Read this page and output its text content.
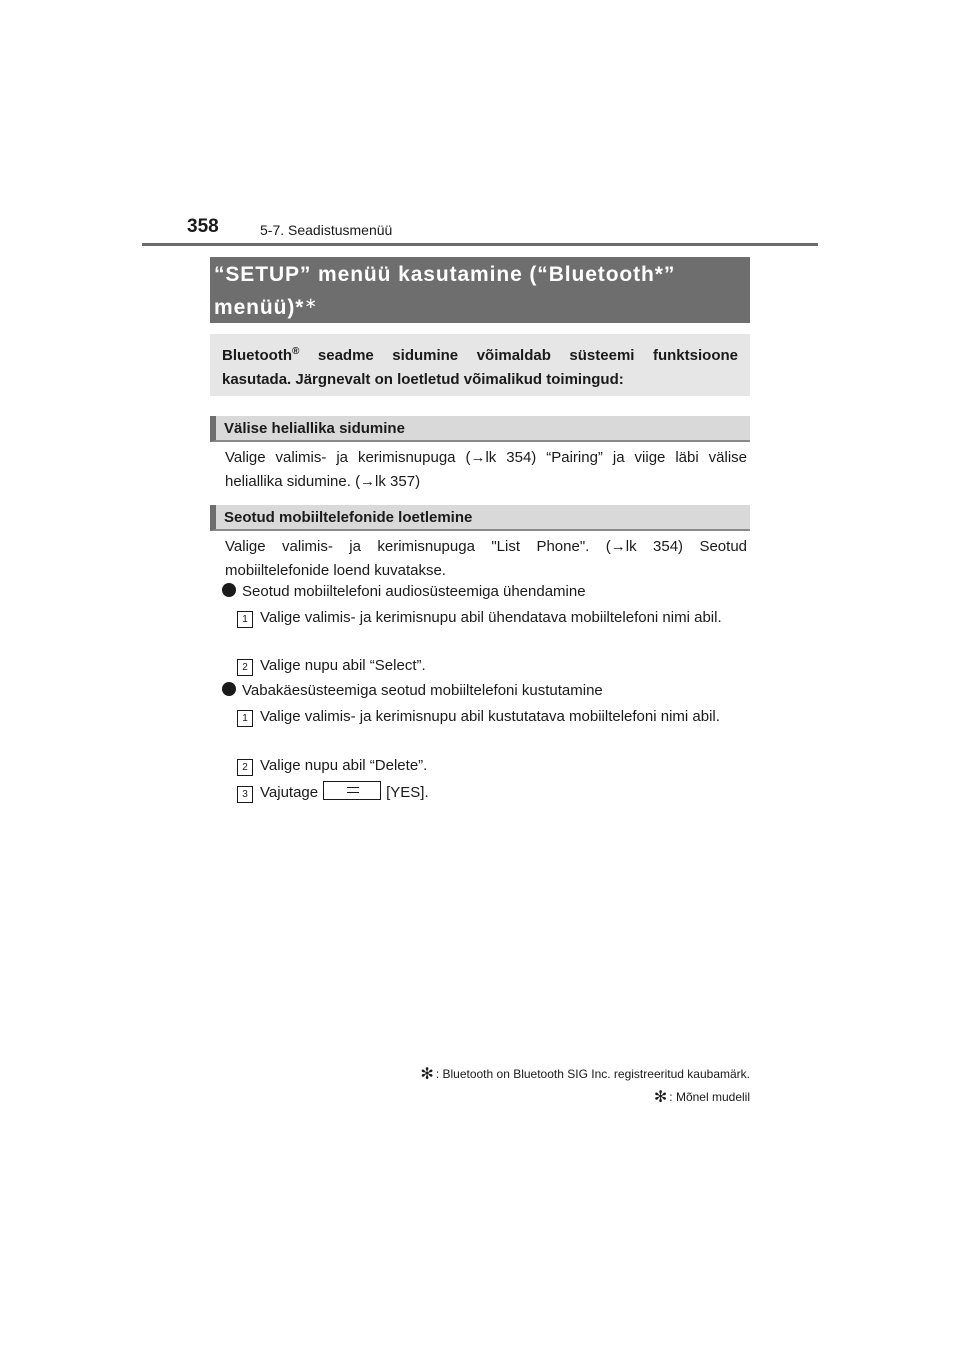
358	5-7. Seadistusmenüü
“SETUP” menüü kasutamine (“Bluetooth*”
menüü)*∗
Bluetooth® seadme sidumine võimaldab süsteemi funktsioone kasutada. Järgnevalt on loetletud võimalikud toimingud:
Välise heliallika sidumine
Valige valimis- ja kerimisnupuga (→lk 354) “Pairing” ja viige läbi välise heliallika sidumine. (→lk 357)
Seotud mobiiltelefonide loetlemine
Valige valimis- ja kerimisnupuga "List Phone". (→lk 354) Seotud mobiiltelefonide loend kuvatakse.
Seotud mobiiltelefoni audiosüsteemiga ühendamine
1 Valige valimis- ja kerimisnupu abil ühendatava mobiiltelefoni nimi abil.
2 Valige nupu abil “Select”.
Vabakäesüsteemiga seotud mobiiltelefoni kustutamine
1 Valige valimis- ja kerimisnupu abil kustutatava mobiiltelefoni nimi abil.
2 Valige nupu abil “Delete”.
3 Vajutage	[YES].
✻ : Bluetooth on Bluetooth SIG Inc. registreeritud kaubamärk.
✻ : Mõnel mudelil
